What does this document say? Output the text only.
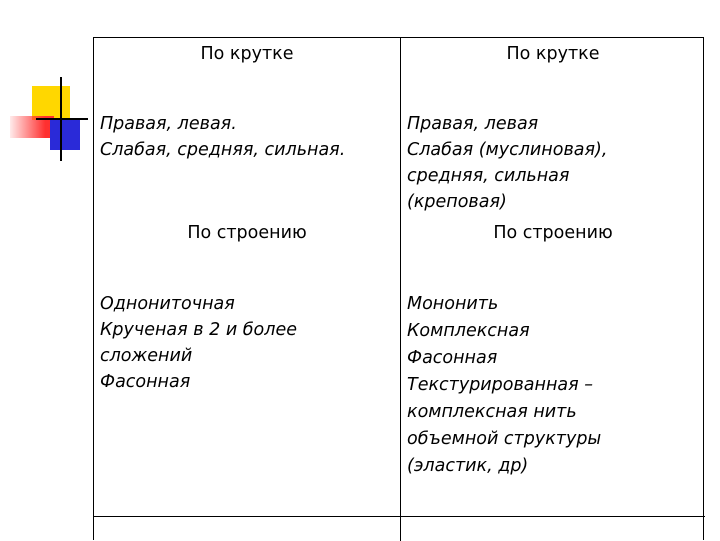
По крутке	По крутке
Правая, левая.
Слабая, средняя, сильная.
Правая, левая
Слабая (муслиновая),
средняя, сильная
(креповая)
По строению	По строению
Однониточная
Крученая в 2 и более
сложений
Фасонная
Мононить
Комплексная
Фасонная
Текстурированная –
комплексная нить
объемной структуры
(эластик, др)
